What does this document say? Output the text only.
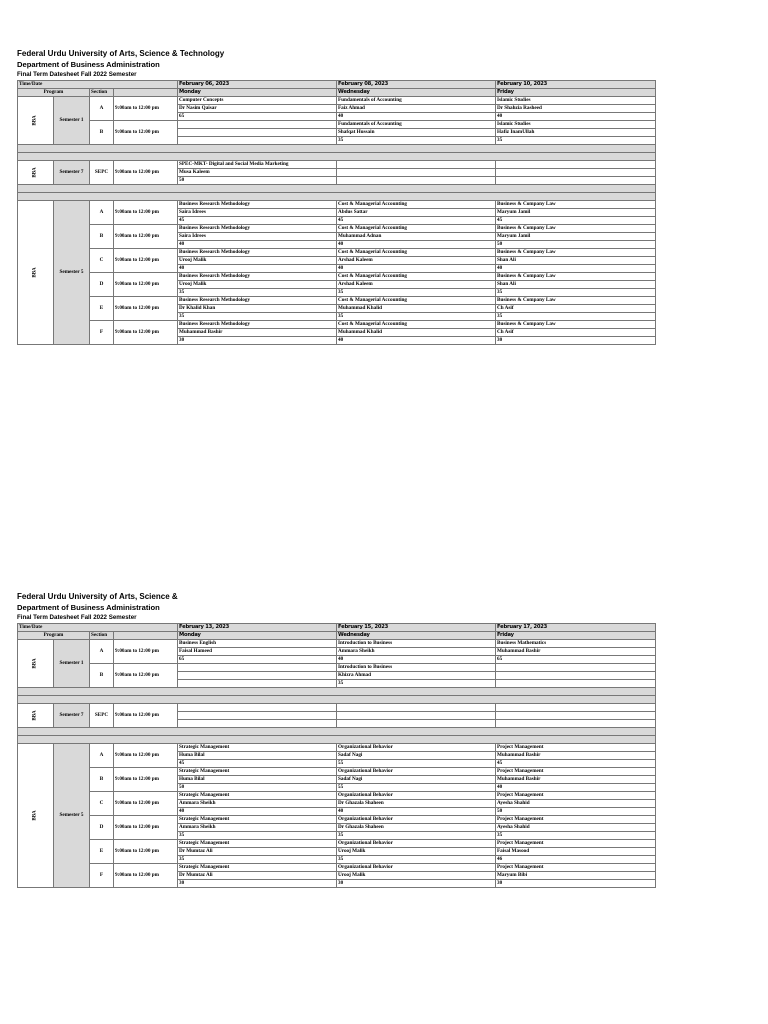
Federal Urdu University of Arts, Science & Technology
Department of Business Administration
Final Term Datesheet Fall 2022 Semester
Time/Date				February 06, 2023	February 08, 2023	February 10, 2023
Program		Section		Monday	Wednesday	Friday
BBA	Semester 1	A	9:00am to 12:00 pm	Computer Concepts	Fundamentals of Accounting	Islamic Studies
				Dr Nasim Qaisar	Faiz Ahmad	Dr Shahzia Rasheed
				65	40	40
		B	9:00am to 12:00 pm		Fundamentals of Accounting	Islamic Studies
					Shafqat Hussain	Hafiz InamUllah
					35	35

BBA	Semester 7	SEPC	9:00am to 12:00 pm	SPEC-MKT- Digital and Social Media Marketing		
				Musa Kaleem		
				50		

BBA	Semester 5	A	9:00am to 12:00 pm	Business Research Methodology	Cost & Managerial Accounting	Business & Company Law
				Saira Idrees	Abdus Sattar	Maryum Jamil
				45	45	45
		B	9:00am to 12:00 pm	Business Research Methodology	Cost & Managerial Accounting	Business & Company Law
				Saira Idrees	Muhammad Adnan	Maryum Jamil
				40	40	50
		C	9:00am to 12:00 pm	Business Research Methodology	Cost & Managerial Accounting	Business & Company Law
				Urooj Malik	Arshad Kaleem	Shan Ali
				40	40	40
		D	9:00am to 12:00 pm	Business Research Methodology	Cost & Managerial Accounting	Business & Company Law
				Urooj Malik	Arshad Kaleem	Shan Ali
				35	35	35
		E	9:00am to 12:00 pm	Business Research Methodology	Cost & Managerial Accounting	Business & Company Law
				Dr Khalid Khan	Muhammad Khalid	Ch Asif
				35	35	35
		F	9:00am to 12:00 pm	Business Research Methodology	Cost & Managerial Accounting	Business & Company Law
				Muhammad Bashir	Muhammad Khalid	Ch Asif
				30	40	30
Federal Urdu University of Arts, Science &
Department of Business Administration
Final Term Datesheet Fall 2022 Semester
Time/Date				February 13, 2023	February 15, 2023	February 17, 2023
Program		Section		Monday	Wednesday	Friday
BBA	Semester 1	A	9:00am to 12:00 pm	Business English	Introduction to Business	Business Mathematics
				Faisal Hameed	Ammara Sheikh	Muhammad Bashir
				65	40	65
		B	9:00am to 12:00 pm		Introduction to Business	
					Khizra Ahmad	
					35	

BBA	Semester 7	SEPC	9:00am to 12:00 pm			

BBA	Semester 5	A	9:00am to 12:00 pm	Strategic Management	Organizational Behavior	Project Management
				Huma Bilal	Sadaf Nagi	Muhammad Bashir
				45	55	45
		B	9:00am to 12:00 pm	Strategic Management	Organizational Behavior	Project Management
				Huma Bilal	Sadaf Nagi	Muhammad Bashir
				50	55	40
		C	9:00am to 12:00 pm	Strategic Management	Organizational Behavior	Project Management
				Ammara Sheikh	Dr Ghazala Shaheen	Ayesha Shahid
				40	40	50
		D	9:00am to 12:00 pm	Strategic Management	Organizational Behavior	Project Management
				Ammara Sheikh	Dr Ghazala Shaheen	Ayesha Shahid
				35	35	35
		E	9:00am to 12:00 pm	Strategic Management	Organizational Behavior	Project Management
				Dr Mumtaz Ali	Urooj Malik	Faisal Masood
				35	35	46
		F	9:00am to 12:00 pm	Strategic Management	Organizational Behavior	Project Management
				Dr Mumtaz Ali	Urooj Malik	Maryum Bibi
				30	30	30
